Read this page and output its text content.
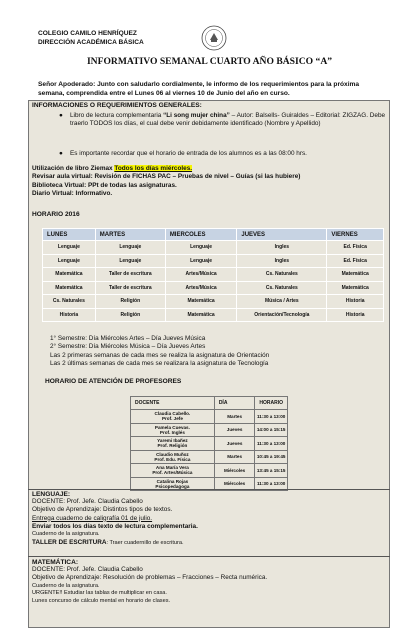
COLEGIO CAMILO HENRÍQUEZ
DIRECCIÓN ACADÉMICA BÁSICA
INFORMATIVO SEMANAL CUARTO AÑO BÁSICO “A”
Señor Apoderado: Junto con saludarlo cordialmente, le informo de los requerimientos para la próxima semana, comprendida entre el Lunes 06 al viernes 10 de Junio del año en curso.
INFORMACIONES O REQUERIMIENTOS GENERALES:
● Libro de lectura complementaria “Li song mujer china” – Autor: Balsells- Guiraldes – Editorial: ZIGZAG. Debe traerlo TODOS los días, el cual debe venir debidamente identificado (Nombre y Apellido)
● Es importante recordar que el horario de entrada de los alumnos es a las 08:00 hrs.
Utilización de libro Ziemax Todos los días miércoles.
Revisar aula virtual: Revisión de FICHAS PAC – Pruebas de nivel – Guías (si las hubiere)
Biblioteca Virtual: PPt de todas las asignaturas.
Diario Virtual: Informativo.
HORARIO 2016
LUNES	MARTES	MIERCOLES	JUEVES	VIERNES
Lenguaje	Lenguaje	Lenguaje	Ingles	Ed. Física
Lenguaje	Lenguaje	Lenguaje	Ingles	Ed. Física
Matemática	Taller de escritura	Artes/Música	Cs. Naturales	Matemática
Matemática	Taller de escritura	Artes/Música	Cs. Naturales	Matemática
Cs. Naturales	Religión	Matemática	Música / Artes	Historia
Historia	Religión	Matemática	Orientación/Tecnología	Historia
1° Semestre: Día Miércoles Artes – Día Jueves Música
2° Semestre: Día Miércoles Música – Día Jueves Artes
Las 2 primeras semanas de cada mes se realiza la asignatura de Orientación
Las 2 últimas semanas de cada mes se realizara la asignatura de Tecnología
HORARIO DE ATENCIÓN DE PROFESORES
DOCENTE	DÍA	HORARIO

Claudia Cabello.
Prof. Jefe	Martes	11:30 a 13:00

Pamela Cuevas.
Prof. Inglés	Jueves	14:00 a 15:15

Yaremi Ibañez
Prof. Religión	Jueves	11:30 a 13:00

Claudio Muñoz
Prof. Edu. Física	Martes	10:45 a 19:45

Ana María Vera
Prof. Artes/Música	Miércoles	13:45 a 15:15

Catalina Rojas
Psicopedagoga	Miércoles	11:30 a 13:00
LENGUAJE:
DOCENTE: Prof. Jefe. Claudia Cabello
Objetivo de Aprendizaje: Distintos tipos de textos.
Entrega cuaderno de caligrafía 01 de julio.
Enviar todos los días texto de lectura complementaria.
Cuaderno de la asignatura.
TALLER DE ESCRITURA: Traer cuadernillo de escritura.
MATEMÁTICA:
DOCENTE: Prof. Jefe. Claudia Cabello
Objetivo de Aprendizaje: Resolución de problemas – Fracciones – Recta numérica.
Cuaderno de la asignatura.
URGENTE!! Estudiar las tablas de multiplicar en casa.
Lunes concurso de cálculo mental en horario de clases.
